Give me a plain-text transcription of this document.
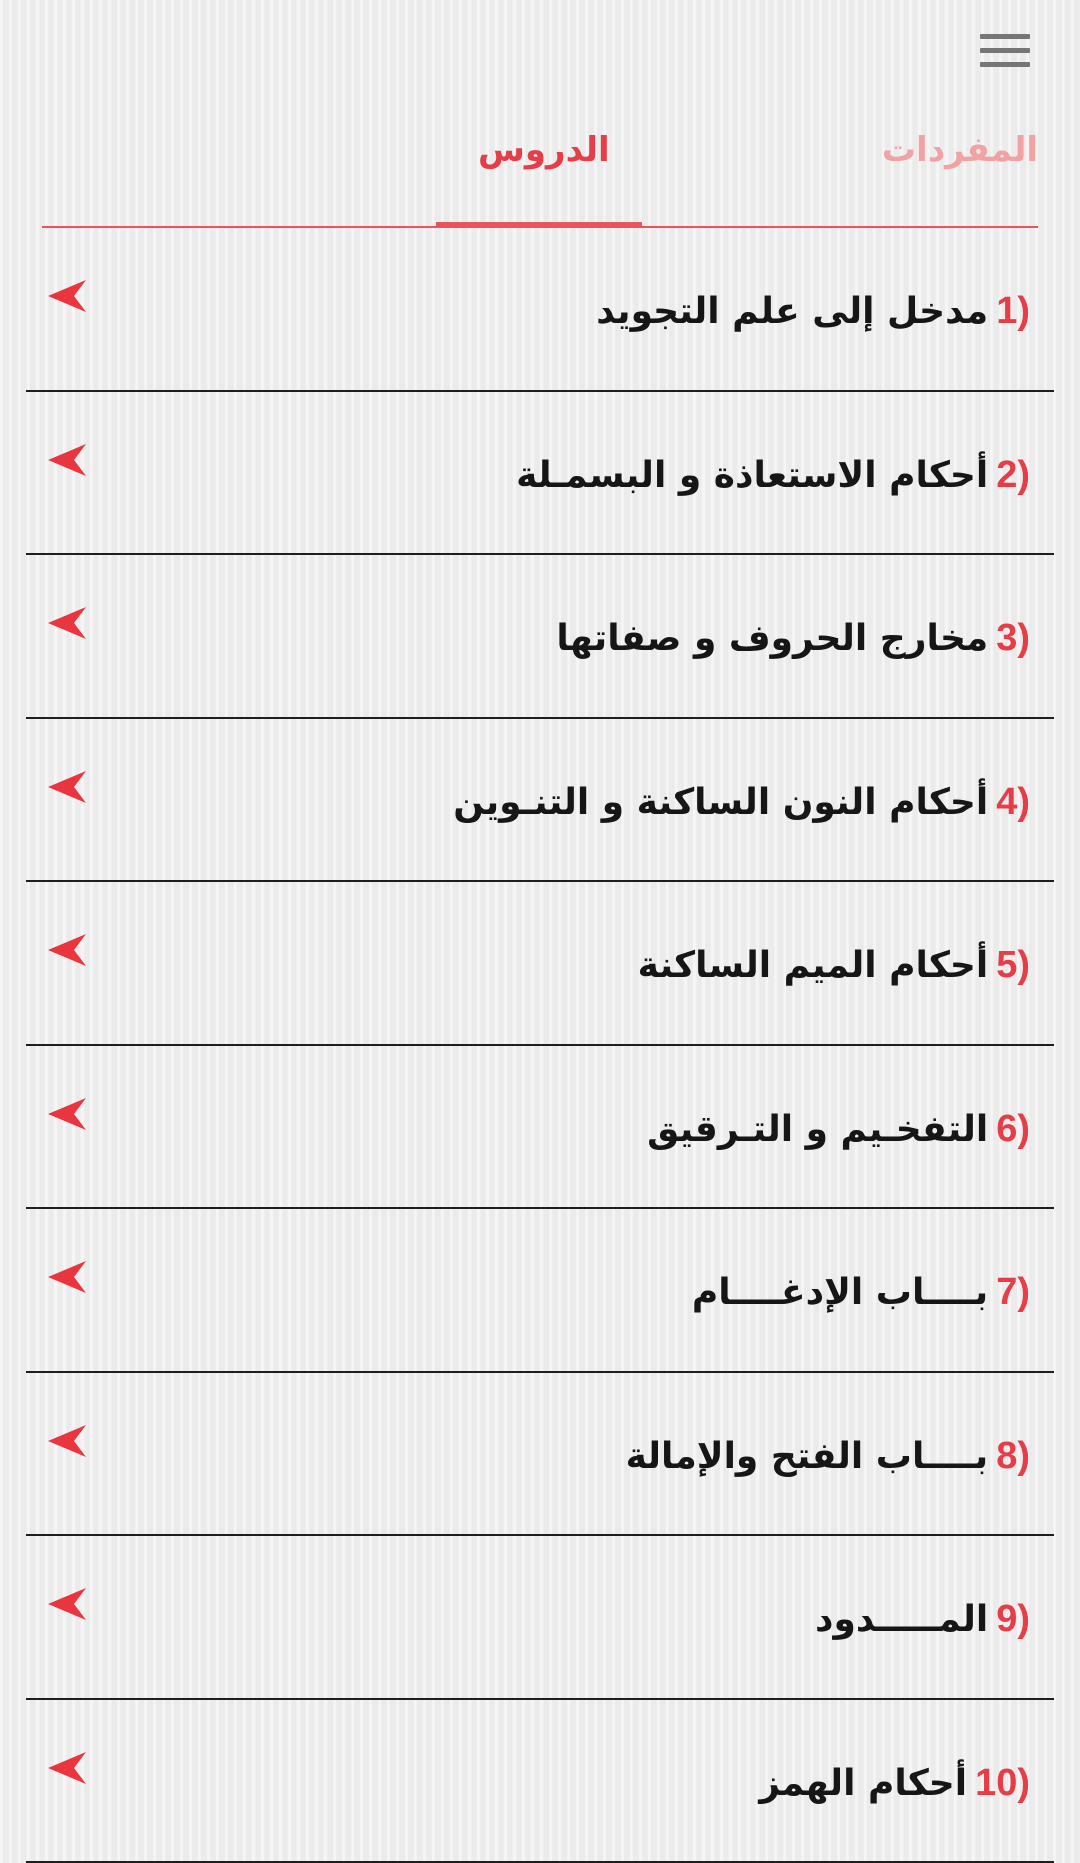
المفردات
الدروس
1)مدخل إلى علم التجويد
2)أحكام الاستعاذة و البسمـلة
3)مخارج الحروف و صفاتها
4)أحكام النون الساكنة و التنـوين
5)أحكام الميم الساكنة
6)التفخـيم و التـرقيق
7)بــــاب الإدغــــام
8)بــــاب الفتح والإمالة
9)المـــــدود
10)أحكام الهمز
